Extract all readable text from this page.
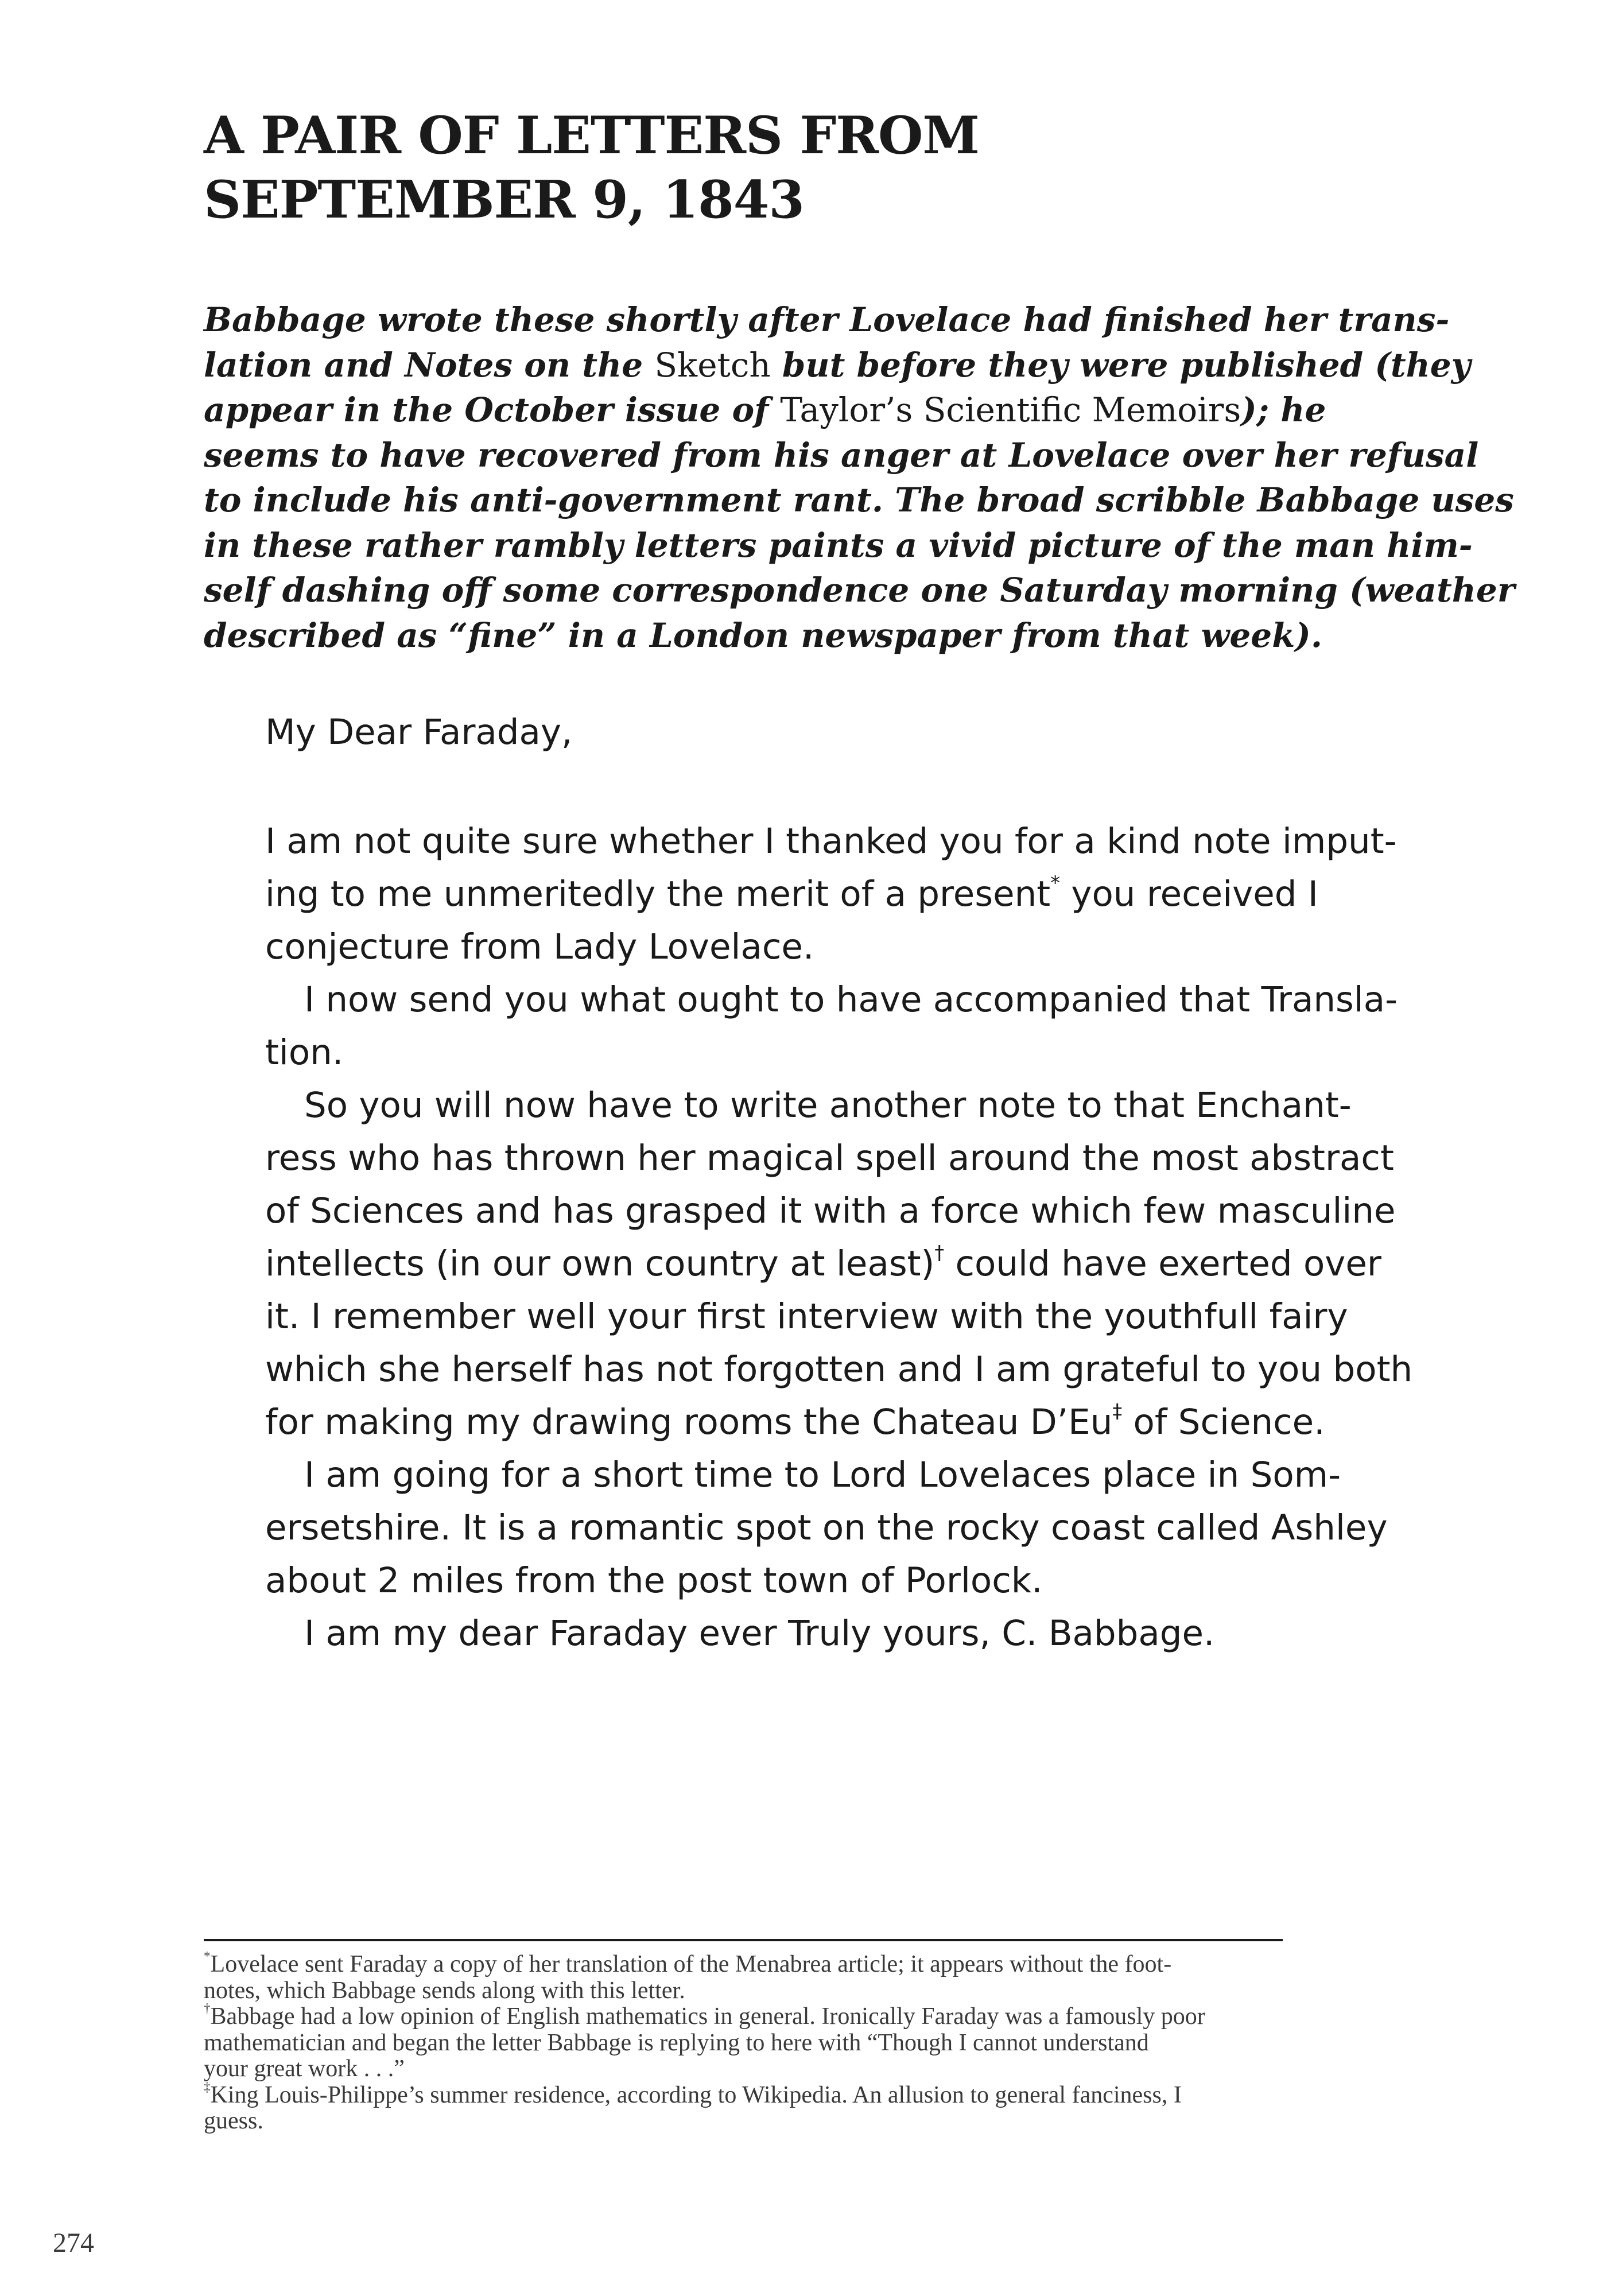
A PAIR OF LETTERS FROM
SEPTEMBER 9, 1843
Babbage wrote these shortly after Lovelace had finished her trans-
lation and Notes on the Sketch but before they were published (they
appear in the October issue of Taylor’s Scientific Memoirs); he
seems to have recovered from his anger at Lovelace over her refusal
to include his anti-government rant. The broad scribble Babbage uses
in these rather rambly letters paints a vivid picture of the man him-
self dashing off some correspondence one Saturday morning (weather
described as “fine” in a London newspaper from that week).
My Dear Faraday,
I am not quite sure whether I thanked you for a kind note imput-
ing to me unmeritedly the merit of a present* you received I
conjecture from Lady Lovelace.
I now send you what ought to have accompanied that Transla-
tion.
So you will now have to write another note to that Enchant-
ress who has thrown her magical spell around the most abstract
of Sciences and has grasped it with a force which few masculine
intellects (in our own country at least)† could have exerted over
it. I remember well your first interview with the youthfull fairy
which she herself has not forgotten and I am grateful to you both
for making my drawing rooms the Chateau D’Eu‡ of Science.
I am going for a short time to Lord Lovelaces place in Som-
ersetshire. It is a romantic spot on the rocky coast called Ashley
about 2 miles from the post town of Porlock.
I am my dear Faraday ever Truly yours, C. Babbage.
*Lovelace sent Faraday a copy of her translation of the Menabrea article; it appears without the foot-
notes, which Babbage sends along with this letter.
†Babbage had a low opinion of English mathematics in general. Ironically Faraday was a famously poor
mathematician and began the letter Babbage is replying to here with “Though I cannot understand
your great work . . .”
‡King Louis-Philippe’s summer residence, according to Wikipedia. An allusion to general fanciness, I
guess.
274
